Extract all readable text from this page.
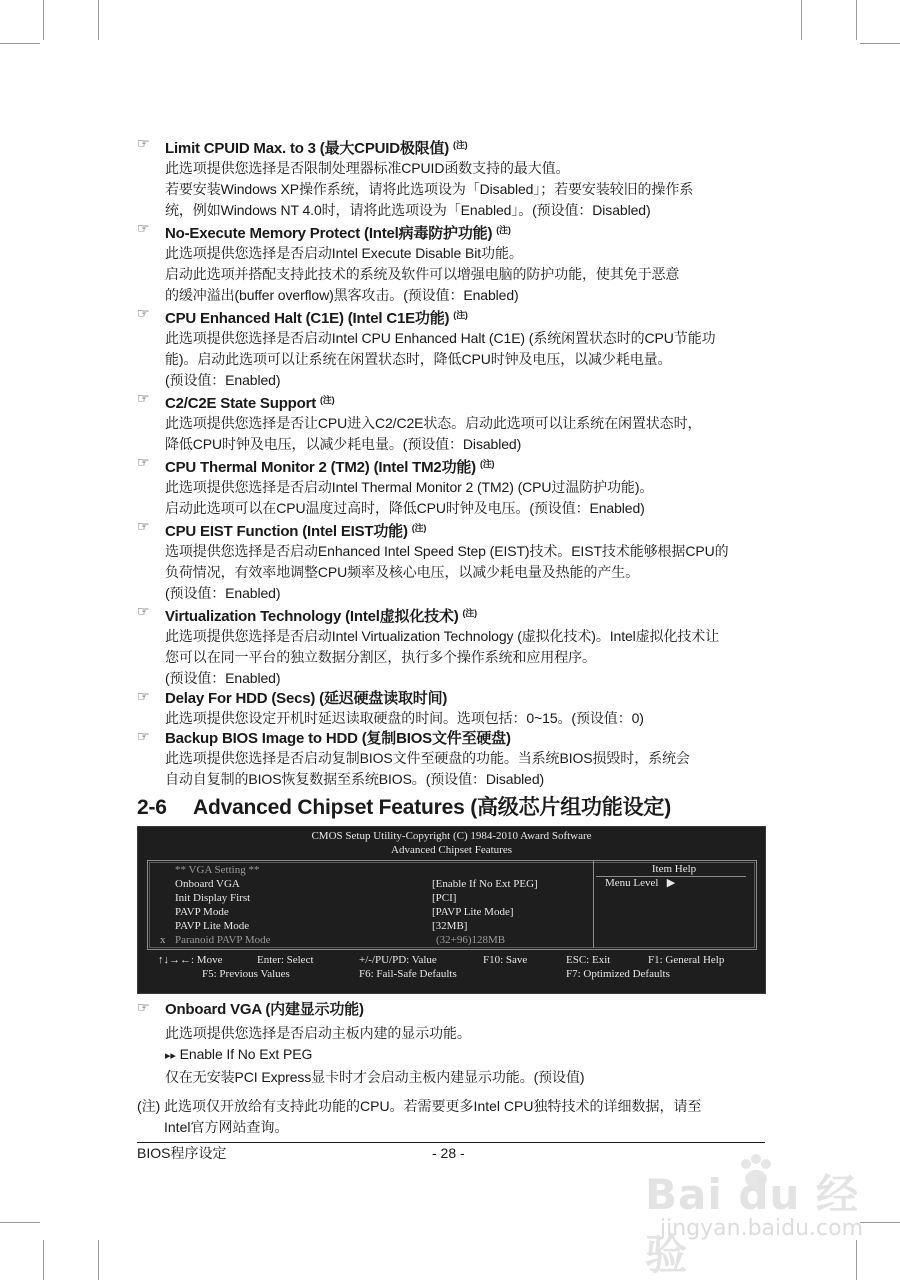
☞	Limit CPUID Max. to 3 (最大CPUID极限值) $^{(注)}$
此选项提供您选择是否限制处理器标准CPUID函数支持的最大值。
若要安装Windows XP操作系统，请将此选项设为「Disabled」；若要安装较旧的操作系
统，例如Windows NT 4.0时，请将此选项设为「Enabled」。(预设值：Disabled)
☞	No-Execute Memory Protect (Intel病毒防护功能) $^{(注)}$
此选项提供您选择是否启动Intel Execute Disable Bit功能。
启动此选项并搭配支持此技术的系统及软件可以增强电脑的防护功能，使其免于恶意
的缓冲溢出(buffer overflow)黑客攻击。(预设值：Enabled)
☞	CPU Enhanced Halt (C1E) (Intel C1E功能) $^{(注)}$
此选项提供您选择是否启动Intel CPU Enhanced Halt (C1E) (系统闲置状态时的CPU节能功
能)。启动此选项可以让系统在闲置状态时，降低CPU时钟及电压，以减少耗电量。
(预设值：Enabled)
☞	C2/C2E State Support $^{(注)}$
此选项提供您选择是否让CPU进入C2/C2E状态。启动此选项可以让系统在闲置状态时，
降低CPU时钟及电压，以减少耗电量。(预设值：Disabled)
☞	CPU Thermal Monitor 2 (TM2) (Intel TM2功能) $^{(注)}$
此选项提供您选择是否启动Intel Thermal Monitor 2 (TM2) (CPU过温防护功能)。
启动此选项可以在CPU温度过高时，降低CPU时钟及电压。(预设值：Enabled)
☞	CPU EIST Function (Intel EIST功能) $^{(注)}$
选项提供您选择是否启动Enhanced Intel Speed Step (EIST)技术。EIST技术能够根据CPU的
负荷情况，有效率地调整CPU频率及核心电压，以减少耗电量及热能的产生。
(预设值：Enabled)
☞	Virtualization Technology (Intel虚拟化技术) $^{(注)}$
此选项提供您选择是否启动Intel Virtualization Technology (虚拟化技术)。Intel虚拟化技术让
您可以在同一平台的独立数据分割区，执行多个操作系统和应用程序。
(预设值：Enabled)
☞	Delay For HDD (Secs) (延迟硬盘读取时间)
此选项提供您设定开机时延迟读取硬盘的时间。选项包括：0~15。(预设值：0)
☞	Backup BIOS Image to HDD (复制BIOS文件至硬盘)
此选项提供您选择是否启动复制BIOS文件至硬盘的功能。当系统BIOS损毁时，系统会
自动自复制的BIOS恢复数据至系统BIOS。(预设值：Disabled)
2-6 Advanced Chipset Features (高级芯片组功能设定)
CMOS Setup Utility-Copyright (C) 1984-2010 Award Software
Advanced Chipset Features
Item Help
Menu Level ▶
** VGA Setting **
Onboard VGA	[Enable If No Ext PEG]
Init Display First	[PCI]
PAVP Mode	[PAVP Lite Mode]
PAVP Lite Mode	[32MB]
x Paranoid PAVP Mode	(32+96)128MB
↑↓→←: Move	Enter: Select	+/-/PU/PD: Value	F10: Save	ESC: Exit	F1: General Help
F5: Previous Values	F6: Fail-Safe Defaults	F7: Optimized Defaults
☞	Onboard VGA (内建显示功能)
此选项提供您选择是否启动主板内建的显示功能。
▸▸ Enable If No Ext PEG
仅在无安装PCI Express显卡时才会启动主板内建显示功能。(预设值)
(注) 此选项仅开放给有支持此功能的CPU。若需要更多Intel CPU独特技术的详细数据，请至
Intel官方网站查询。
BIOS程序设定	- 28 -
Bai du 经验
jingyan.baidu.com
